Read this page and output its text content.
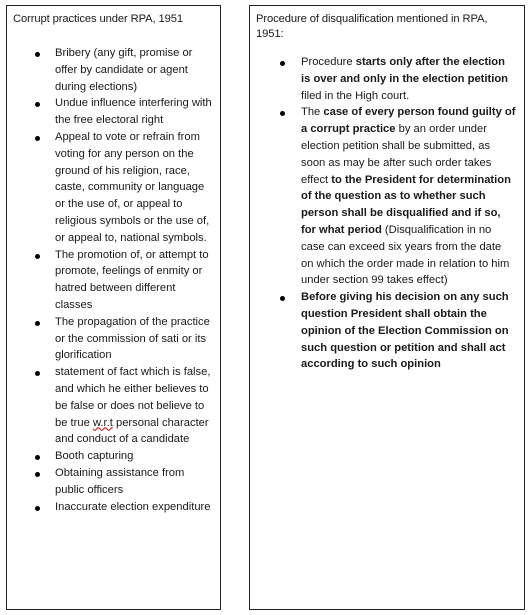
Corrupt practices under RPA, 1951
Bribery (any gift, promise or offer by candidate or agent during elections)
Undue influence interfering with the free electoral right
Appeal to vote or refrain from voting for any person on the ground of his religion, race, caste, community or language or the use of, or appeal to religious symbols or the use of, or appeal to, national symbols.
The promotion of, or attempt to promote, feelings of enmity or hatred between different classes
The propagation of the practice or the commission of sati or its glorification
statement of fact which is false, and which he either believes to be false or does not believe to be true w.r.t personal character and conduct of a candidate
Booth capturing
Obtaining assistance from public officers
Inaccurate election expenditure
Procedure of disqualification mentioned in RPA, 1951:
Procedure starts only after the election is over and only in the election petition filed in the High court.
The case of every person found guilty of a corrupt practice by an order under election petition shall be submitted, as soon as may be after such order takes effect to the President for determination of the question as to whether such person shall be disqualified and if so, for what period (Disqualification in no case can exceed six years from the date on which the order made in relation to him under section 99 takes effect)
Before giving his decision on any such question President shall obtain the opinion of the Election Commission on such question or petition and shall act according to such opinion
